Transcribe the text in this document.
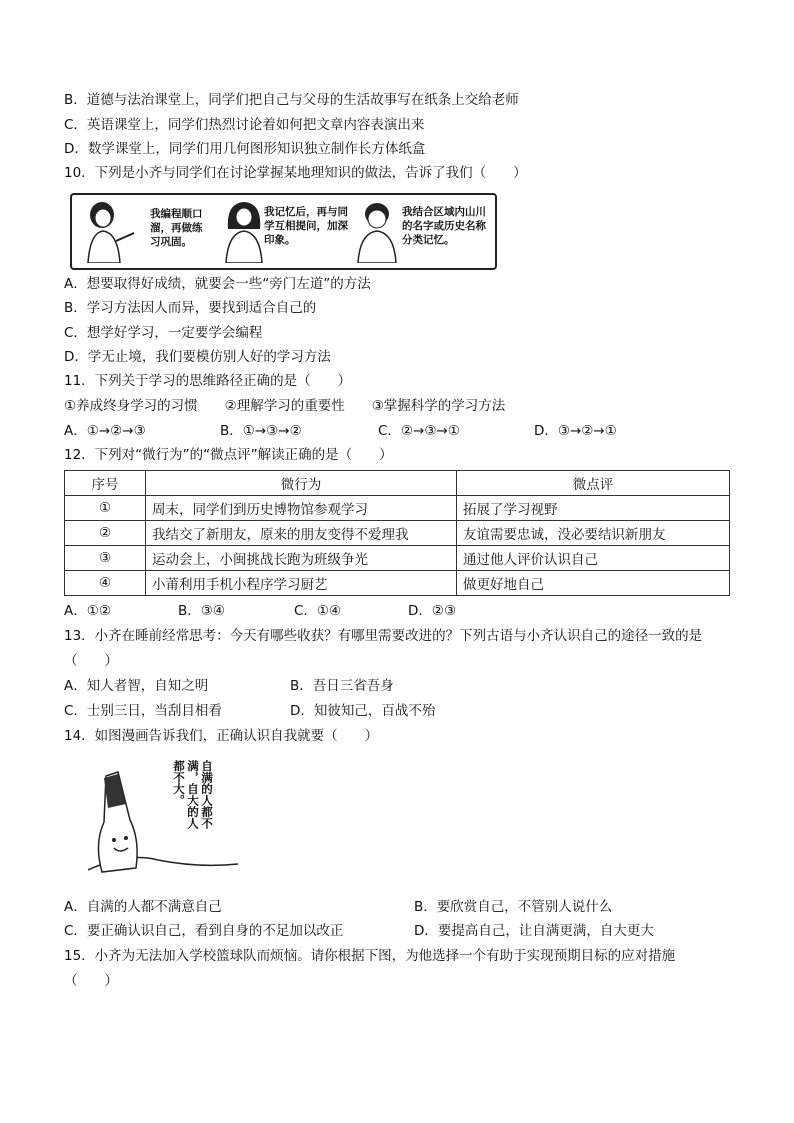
B．道德与法治课堂上，同学们把自己与父母的生活故事写在纸条上交给老师
C．英语课堂上，同学们热烈讨论着如何把文章内容表演出来
D．数学课堂上，同学们用几何图形知识独立制作长方体纸盒
10．下列是小齐与同学们在讨论掌握某地理知识的做法，告诉了我们（　　）
我编程顺口溜，再做练习巩固。
我记忆后，再与同学互相提问，加深印象。
我结合区域内山川的名字或历史名称分类记忆。
A．想要取得好成绩，就要会一些“旁门左道”的方法
B．学习方法因人而异，要找到适合自己的
C．想学好学习，一定要学会编程
D．学无止境，我们要模仿别人好的学习方法
11．下列关于学习的思维路径正确的是（　　）
①养成终身学习的习惯　　②理解学习的重要性　　③掌握科学的学习方法
A．①→②→③	B．①→③→②	C．②→③→①	D．③→②→①
12．下列对“微行为”的“微点评”解读正确的是（　　）
序号	微行为	微点评
①	周末，同学们到历史博物馆参观学习	拓展了学习视野
②	我结交了新朋友，原来的朋友变得不爱理我	友谊需要忠诚，没必要结识新朋友
③	运动会上，小闽挑战长跑为班级争光	通过他人评价认识自己
④	小莆利用手机小程序学习厨艺	做更好地自己
A．①②	B．③④	C．①④	D．②③
13．小齐在睡前经常思考：今天有哪些收获？有哪里需要改进的？下列古语与小齐认识自己的途径一致的是
（　　）
A．知人者智，自知之明	B．吾日三省吾身
C．士别三日，当刮目相看	D．知彼知己，百战不殆
14．如图漫画告诉我们，正确认识自我就要（　　）
自满的人都不
满，自大的人
都不大。
A．自满的人都不满意自己	B．要欣赏自己，不管别人说什么
C．要正确认识自己，看到自身的不足加以改正	D．要提高自己，让自满更满，自大更大
15．小齐为无法加入学校篮球队而烦恼。请你根据下图，为他选择一个有助于实现预期目标的应对措施
（　　）
